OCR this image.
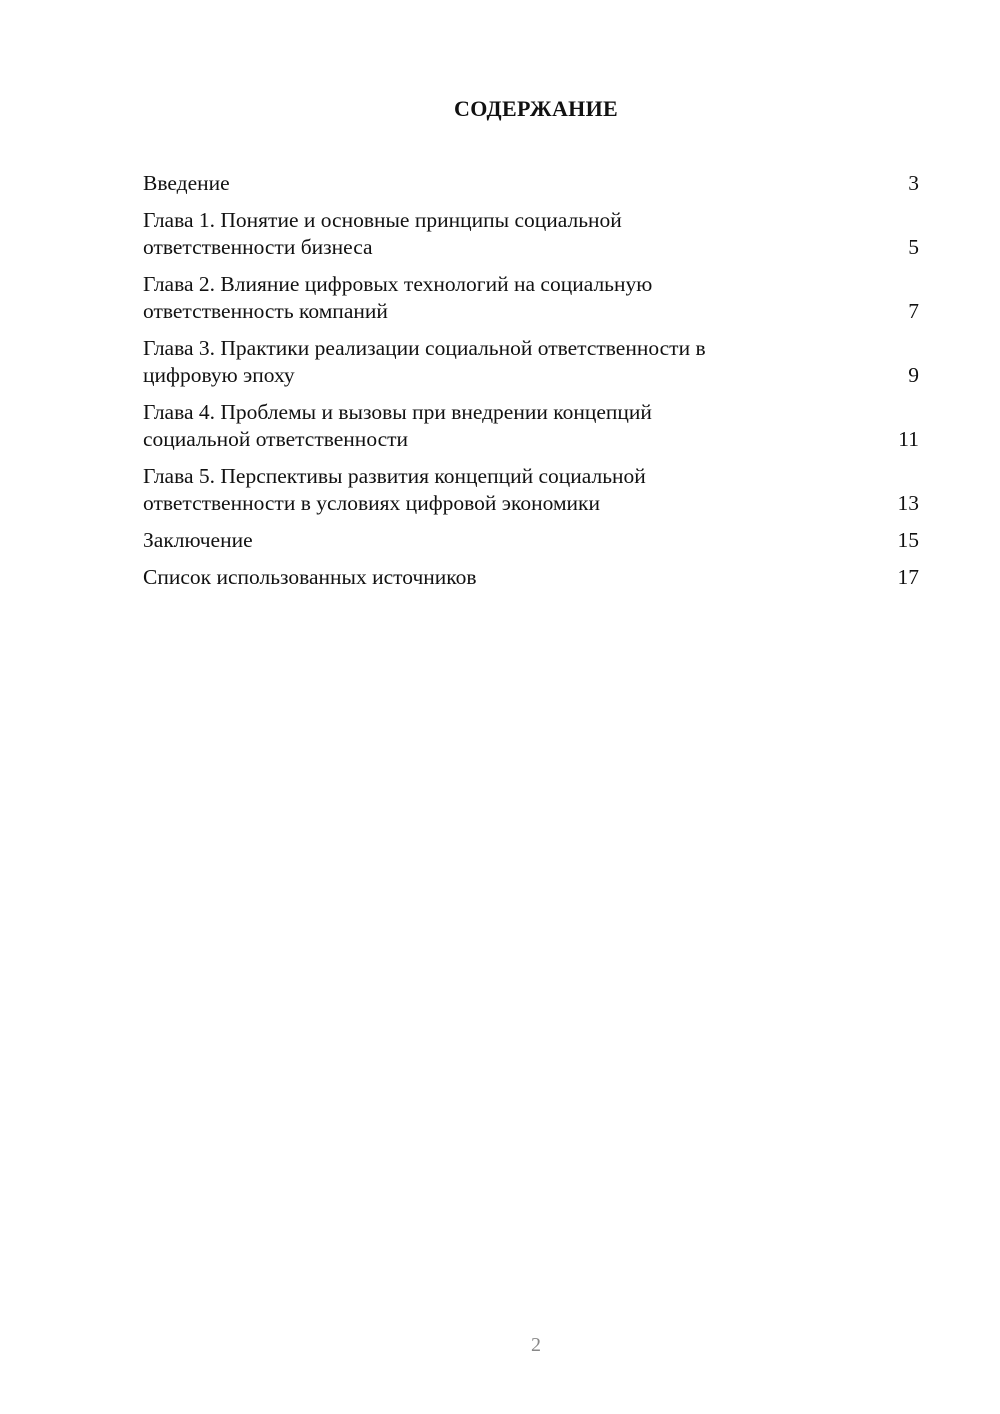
СОДЕРЖАНИЕ
Введение	3
Глава 1. Понятие и основные принципы социальной
ответственности бизнеса	5
Глава 2. Влияние цифровых технологий на социальную
ответственность компаний	7
Глава 3. Практики реализации социальной ответственности в
цифровую эпоху	9
Глава 4. Проблемы и вызовы при внедрении концепций
социальной ответственности	11
Глава 5. Перспективы развития концепций социальной
ответственности в условиях цифровой экономики	13
Заключение	15
Список использованных источников	17
2
